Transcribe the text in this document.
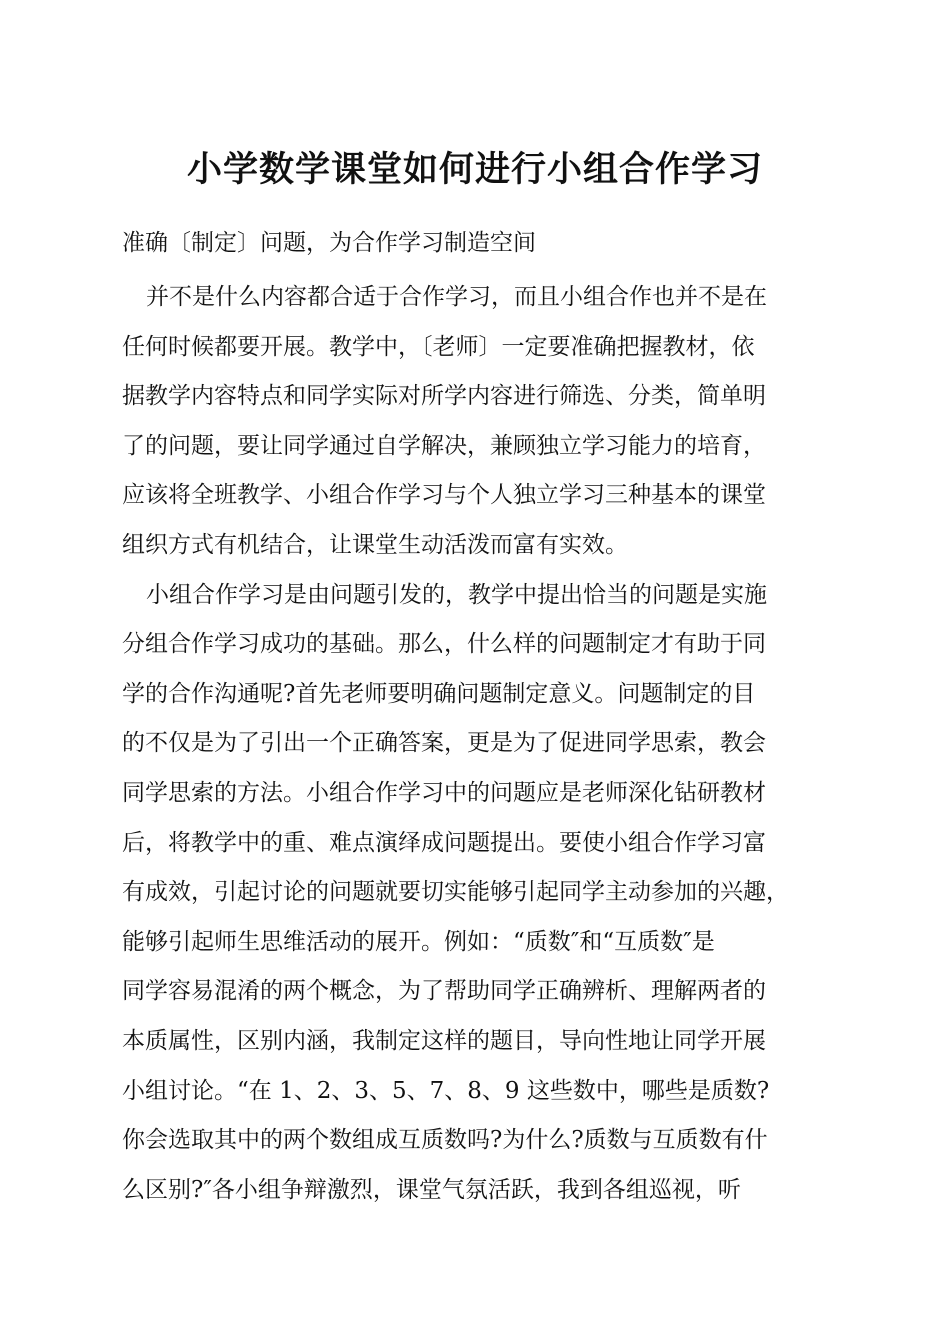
小学数学课堂如何进行小组合作学习

准确〔制定〕问题，为合作学习制造空间

并不是什么内容都合适于合作学习，而且小组合作也并不是在
任何时候都要开展。教学中，〔老师〕一定要准确把握教材，依
据教学内容特点和同学实际对所学内容进行筛选、分类，简单明
了的问题，要让同学通过自学解决，兼顾独立学习能力的培育，
应该将全班教学、小组合作学习与个人独立学习三种基本的课堂
组织方式有机结合，让课堂生动活泼而富有实效。
小组合作学习是由问题引发的，教学中提出恰当的问题是实施
分组合作学习成功的基础。那么，什么样的问题制定才有助于同
学的合作沟通呢?首先老师要明确问题制定意义。问题制定的目
的不仅是为了引出一个正确答案，更是为了促进同学思索，教会
同学思索的方法。小组合作学习中的问题应是老师深化钻研教材
后，将教学中的重、难点演绎成问题提出。要使小组合作学习富
有成效，引起讨论的问题就要切实能够引起同学主动参加的兴趣，
能够引起师生思维活动的展开。例如：“质数″和“互质数″是
同学容易混淆的两个概念，为了帮助同学正确辨析、理解两者的
本质属性，区别内涵，我制定这样的题目，导向性地让同学开展
小组讨论。“在 1、2、3、5、7、8、9 这些数中，哪些是质数?
你会选取其中的两个数组成互质数吗?为什么?质数与互质数有什
么区别?″各小组争辩激烈，课堂气氛活跃，我到各组巡视，听
